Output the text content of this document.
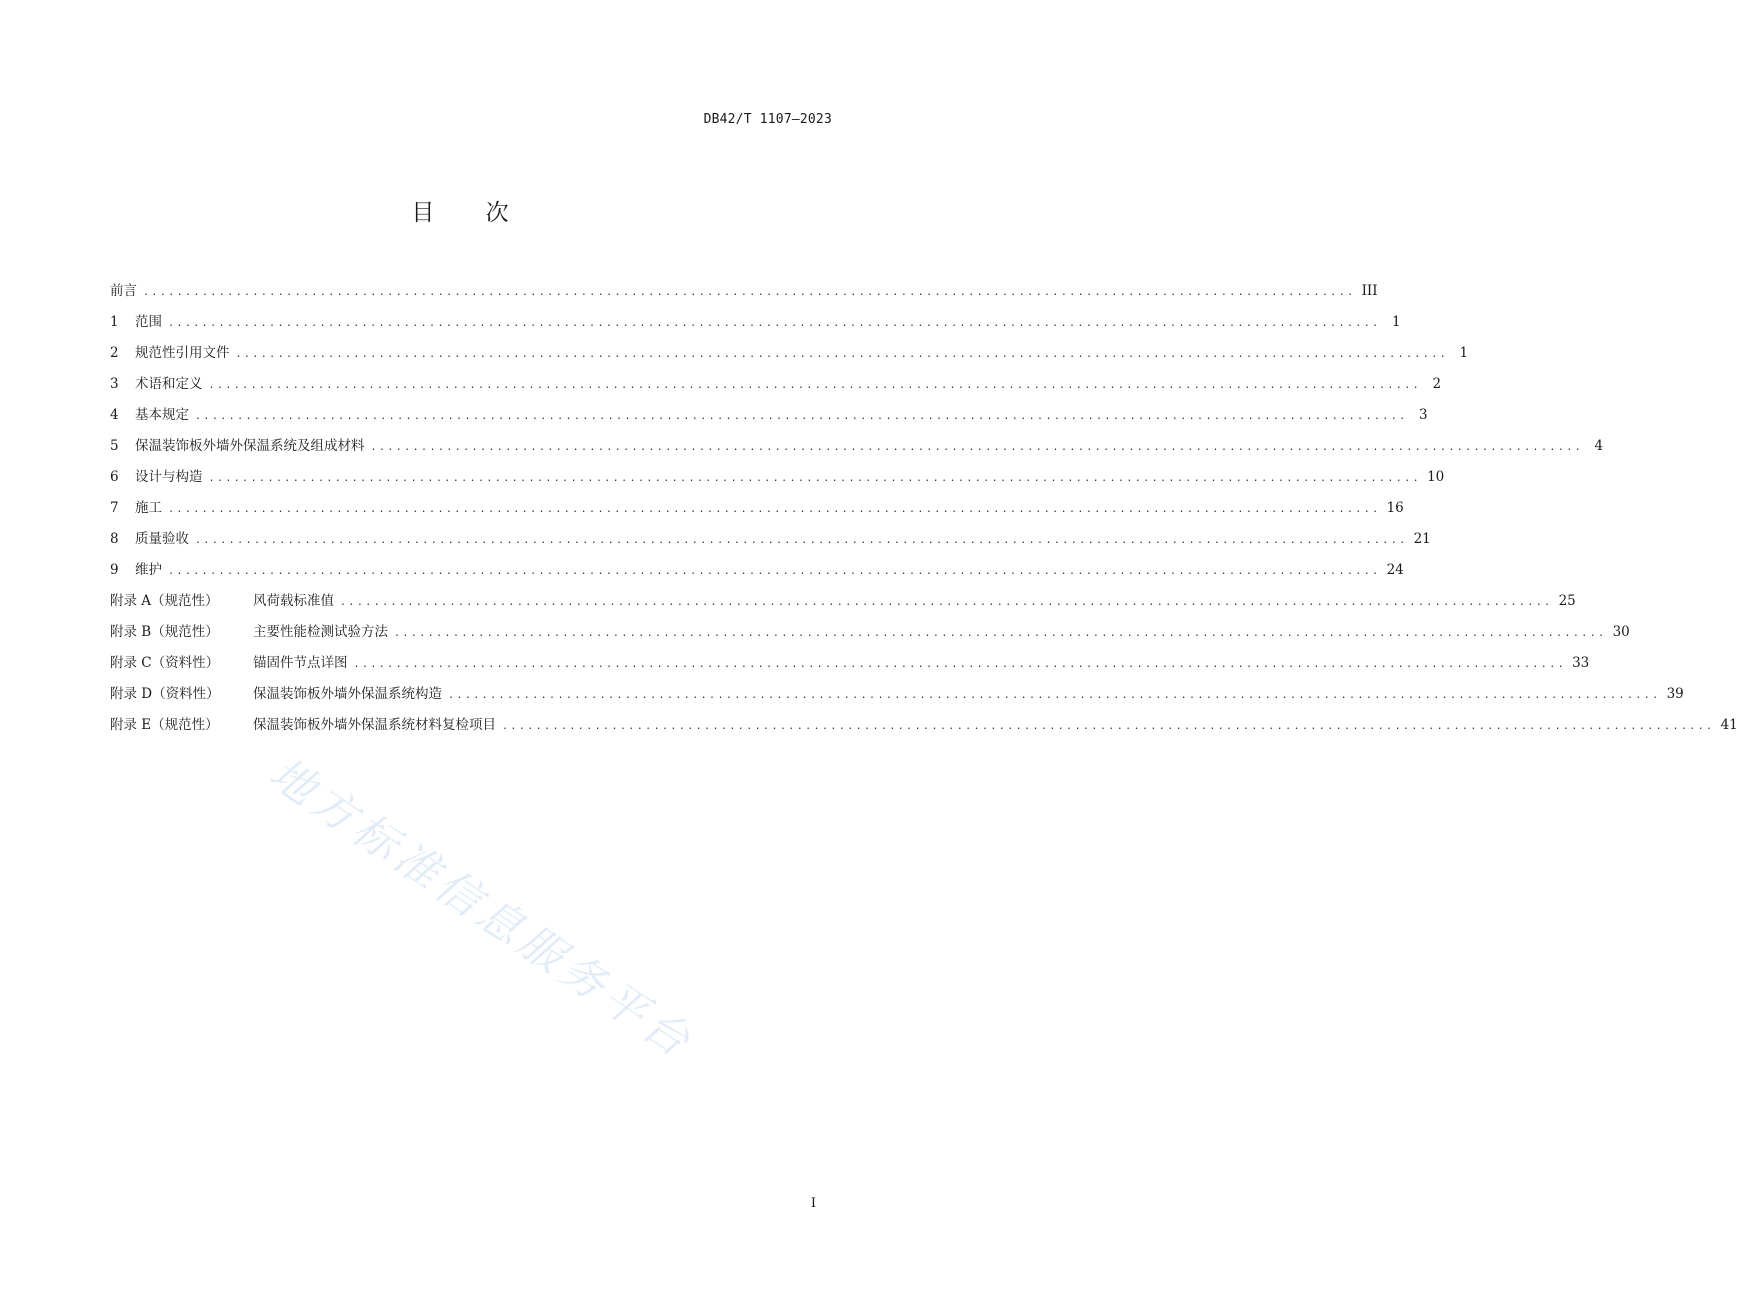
DB42/T 1107—2023
目 次
前言 ................................................................................................................................................ III
1	范围 ................................................................................................................................................ 1
2	规范性引用文件 ................................................................................................................................................ 1
3	术语和定义 ................................................................................................................................................ 2
4	基本规定 ................................................................................................................................................ 3
5	保温装饰板外墙外保温系统及组成材料 ................................................................................................................................................ 4
6	设计与构造 ................................................................................................................................................ 10
7	施工 ................................................................................................................................................ 16
8	质量验收 ................................................................................................................................................ 21
9	维护 ................................................................................................................................................ 24
附录 A（规范性）	风荷载标准值 ................................................................................................................................................ 25
附录 B（规范性）	主要性能检测试验方法 ................................................................................................................................................ 30
附录 C（资料性）	锚固件节点详图 ................................................................................................................................................ 33
附录 D（资料性）	保温装饰板外墙外保温系统构造 ................................................................................................................................................ 39
附录 E（规范性）	保温装饰板外墙外保温系统材料复检项目 ................................................................................................................................................ 41
地方标准信息服务平台
I
